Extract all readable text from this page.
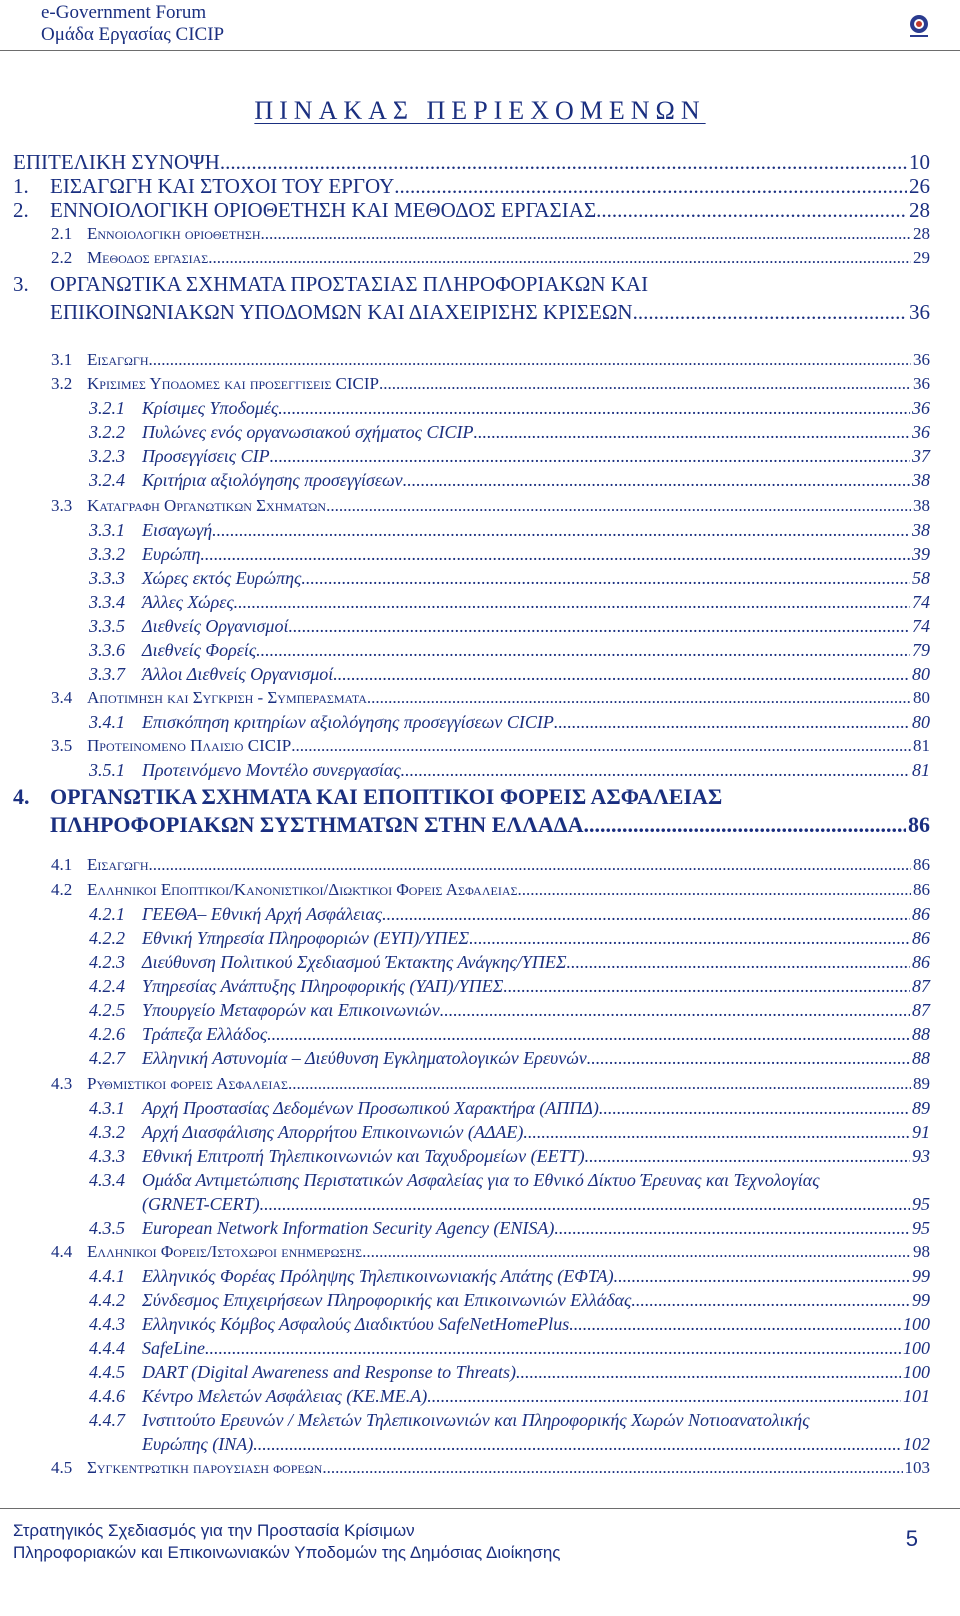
e-Government Forum
Ομάδα Εργασίας CICIP
ΠΙΝΑΚΑΣ ΠΕΡΙΕΧΟΜΕΝΩΝ
ΕΠΙΤΕΛΙΚΗ ΣΥΝΟΨΗ .....	10
1. ΕΙΣΑΓΩΓΗ ΚΑΙ ΣΤΟΧΟΙ ΤΟΥ ΕΡΓΟΥ .....	26
2. ΕΝΝΟΙΟΛΟΓΙΚΗ ΟΡΙΟΘΕΤΗΣΗ ΚΑΙ ΜΕΘΟΔΟΣ ΕΡΓΑΣΙΑΣ .....	28
2.1 Εννοιολογικη οριοθετηση .....	28
2.2 Μεθοδος εργασιας .....	29
3. ΟΡΓΑΝΩΤΙΚΑ ΣΧΗΜΑΤΑ ΠΡΟΣΤΑΣΙΑΣ ΠΛΗΡΟΦΟΡΙΑΚΩΝ ΚΑΙ
ΕΠΙΚΟΙΝΩΝΙΑΚΩΝ ΥΠΟΔΟΜΩΝ ΚΑΙ ΔΙΑΧΕΙΡΙΣΗΣ ΚΡΙΣΕΩΝ .....	36
3.1 Εισαγωγη .....	36
3.2 Κρισιμες Υποδομες και προσεγγισεις CICIP .....	36
3.2.1 Κρίσιμες Υποδομές .....	36
3.2.2 Πυλώνες ενός οργανωσιακού σχήματος CICIP .....	36
3.2.3 Προσεγγίσεις CIP .....	37
3.2.4 Κριτήρια αξιολόγησης προσεγγίσεων .....	38
3.3 Καταγραφη Οργανωτικων Σχηματων .....	38
3.3.1 Εισαγωγή .....	38
3.3.2 Ευρώπη .....	39
3.3.3 Χώρες εκτός Ευρώπης .....	58
3.3.4 Άλλες Χώρες .....	74
3.3.5 Διεθνείς Οργανισμοί .....	74
3.3.6 Διεθνείς Φορείς .....	79
3.3.7 Άλλοι Διεθνείς Οργανισμοί .....	80
3.4 Αποτιμηση και Συγκριση - Συμπερασματα .....	80
3.4.1 Επισκόπηση κριτηρίων αξιολόγησης προσεγγίσεων CICIP .....	80
3.5 Προτεινομενο Πλαισιο CICIP .....	81
3.5.1 Προτεινόμενο Μοντέλο συνεργασίας .....	81
4. ΟΡΓΑΝΩΤΙΚΑ ΣΧΗΜΑΤΑ ΚΑΙ ΕΠΟΠΤΙΚΟΙ ΦΟΡΕΙΣ ΑΣΦΑΛΕΙΑΣ
ΠΛΗΡΟΦΟΡΙΑΚΩΝ ΣΥΣΤΗΜΑΤΩΝ ΣΤΗΝ ΕΛΛΑΔΑ .....	86
4.1 Εισαγωγη .....	86
4.2 Ελληνικοι Εποπτικοι/Κανονιστικοι/Διωκτικοι Φορεις Ασφαλειας .....	86
4.2.1 ΓΕΕΘΑ– Εθνική Αρχή Ασφάλειας .....	86
4.2.2 Εθνική Υπηρεσία Πληροφοριών (ΕΥΠ)/ΥΠΕΣ .....	86
4.2.3 Διεύθυνση Πολιτικού Σχεδιασμού Έκτακτης Ανάγκης/ΥΠΕΣ .....	86
4.2.4 Υπηρεσίας Ανάπτυξης Πληροφορικής (ΥΑΠ)/ΥΠΕΣ .....	87
4.2.5 Υπουργείο Μεταφορών και Επικοινωνιών .....	87
4.2.6 Τράπεζα Ελλάδος .....	88
4.2.7 Ελληνική Αστυνομία – Διεύθυνση Εγκληματολογικών Ερευνών .....	88
4.3 Ρυθμιστικοι φορεις Ασφαλειας .....	89
4.3.1 Αρχή Προστασίας Δεδομένων Προσωπικού Χαρακτήρα (ΑΠΠΔ) .....	89
4.3.2 Αρχή Διασφάλισης Απορρήτου Επικοινωνιών (ΑΔΑΕ) .....	91
4.3.3 Εθνική Επιτροπή Τηλεπικοινωνιών και Ταχυδρομείων (ΕΕΤΤ) .....	93
4.3.4 Ομάδα Αντιμετώπισης Περιστατικών Ασφαλείας για το Εθνικό Δίκτυο Έρευνας και Τεχνολογίας
(GRNET-CERT) .....	95
4.3.5 European Network Information Security Agency (ENISA) .....	95
4.4 Ελληνικοι Φορεις/Ιστοχωροι ενημερωσης .....	98
4.4.1 Ελληνικός Φορέας Πρόληψης Τηλεπικοινωνιακής Απάτης (ΕΦΤΑ) .....	99
4.4.2 Σύνδεσμος Επιχειρήσεων Πληροφορικής και Επικοινωνιών Ελλάδας .....	99
4.4.3 Ελληνικός Κόμβος Ασφαλούς Διαδικτύου SafeNetHomePlus .....	100
4.4.4 SafeLine .....	100
4.4.5 DART (Digital Awareness and Response to Threats) .....	100
4.4.6 Κέντρο Μελετών Ασφάλειας (ΚΕ.ΜΕ.Α) .....	101
4.4.7 Ινστιτούτο Ερευνών / Μελετών Τηλεπικοινωνιών και Πληροφορικής Χωρών Νοτιοανατολικής
Ευρώπης (ΙΝΑ) .....	102
4.5 Συγκεντρωτικη παρουσιαση φορεων .....	103
Στρατηγικός Σχεδιασμός για την Προστασία Κρίσιμων
Πληροφοριακών και Επικοινωνιακών Υποδομών της Δημόσιας Διοίκησης
5
